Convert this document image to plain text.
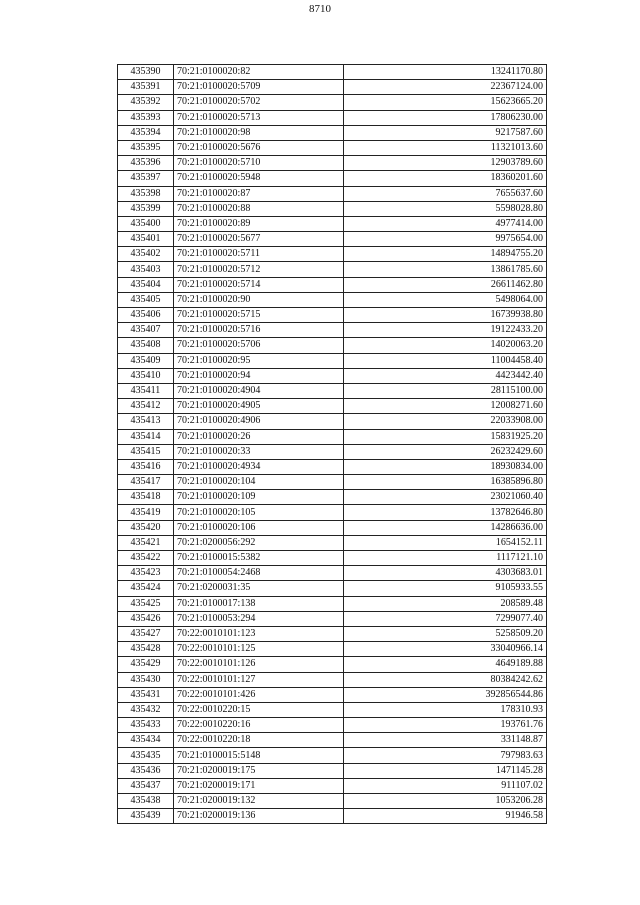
8710
435390	70:21:0100020:82	13241170.80
435391	70:21:0100020:5709	22367124.00
435392	70:21:0100020:5702	15623665.20
435393	70:21:0100020:5713	17806230.00
435394	70:21:0100020:98	9217587.60
435395	70:21:0100020:5676	11321013.60
435396	70:21:0100020:5710	12903789.60
435397	70:21:0100020:5948	18360201.60
435398	70:21:0100020:87	7655637.60
435399	70:21:0100020:88	5598028.80
435400	70:21:0100020:89	4977414.00
435401	70:21:0100020:5677	9975654.00
435402	70:21:0100020:5711	14894755.20
435403	70:21:0100020:5712	13861785.60
435404	70:21:0100020:5714	26611462.80
435405	70:21:0100020:90	5498064.00
435406	70:21:0100020:5715	16739938.80
435407	70:21:0100020:5716	19122433.20
435408	70:21:0100020:5706	14020063.20
435409	70:21:0100020:95	11004458.40
435410	70:21:0100020:94	4423442.40
435411	70:21:0100020:4904	28115100.00
435412	70:21:0100020:4905	12008271.60
435413	70:21:0100020:4906	22033908.00
435414	70:21:0100020:26	15831925.20
435415	70:21:0100020:33	26232429.60
435416	70:21:0100020:4934	18930834.00
435417	70:21:0100020:104	16385896.80
435418	70:21:0100020:109	23021060.40
435419	70:21:0100020:105	13782646.80
435420	70:21:0100020:106	14286636.00
435421	70:21:0200056:292	1654152.11
435422	70:21:0100015:5382	1117121.10
435423	70:21:0100054:2468	4303683.01
435424	70:21:0200031:35	9105933.55
435425	70:21:0100017:138	208589.48
435426	70:21:0100053:294	7299077.40
435427	70:22:0010101:123	5258509.20
435428	70:22:0010101:125	33040966.14
435429	70:22:0010101:126	4649189.88
435430	70:22:0010101:127	80384242.62
435431	70:22:0010101:426	392856544.86
435432	70:22:0010220:15	178310.93
435433	70:22:0010220:16	193761.76
435434	70:22:0010220:18	331148.87
435435	70:21:0100015:5148	797983.63
435436	70:21:0200019:175	1471145.28
435437	70:21:0200019:171	911107.02
435438	70:21:0200019:132	1053206.28
435439	70:21:0200019:136	91946.58
